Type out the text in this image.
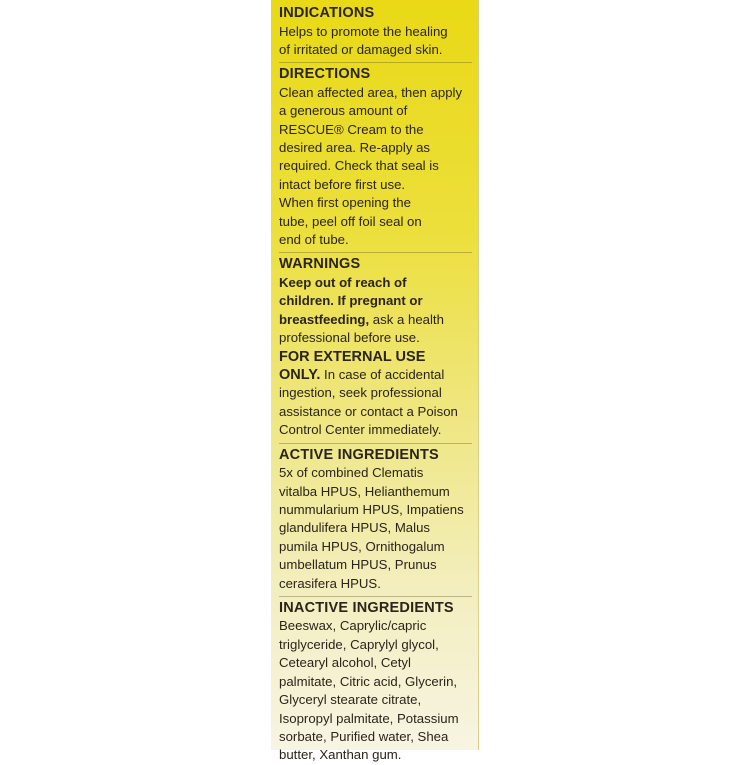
INDICATIONS

Helps to promote the healing
of irritated or damaged skin.

DIRECTIONS

Clean affected area, then apply
a generous amount of
RESCUE® Cream to the
desired area. Re-apply as
required. Check that seal is
intact before first use.
When first opening the
tube, peel off foil seal on
end of tube.

WARNINGS

Keep out of reach of
children. If pregnant or
breastfeeding, ask a health
professional before use.

FOR EXTERNAL USE
ONLY. In case of accidental
ingestion, seek professional
assistance or contact a Poison
Control Center immediately.

ACTIVE INGREDIENTS

5x of combined Clematis
vitalba HPUS, Helianthemum
nummularium HPUS, Impatiens
glandulifera HPUS, Malus
pumila HPUS, Ornithogalum
umbellatum HPUS, Prunus
cerasifera HPUS.

INACTIVE INGREDIENTS

Beeswax, Caprylic/capric
triglyceride, Caprylyl glycol,
Cetearyl alcohol, Cetyl
palmitate, Citric acid, Glycerin,
Glyceryl stearate citrate,
Isopropyl palmitate, Potassium
sorbate, Purified water, Shea
butter, Xanthan gum.
